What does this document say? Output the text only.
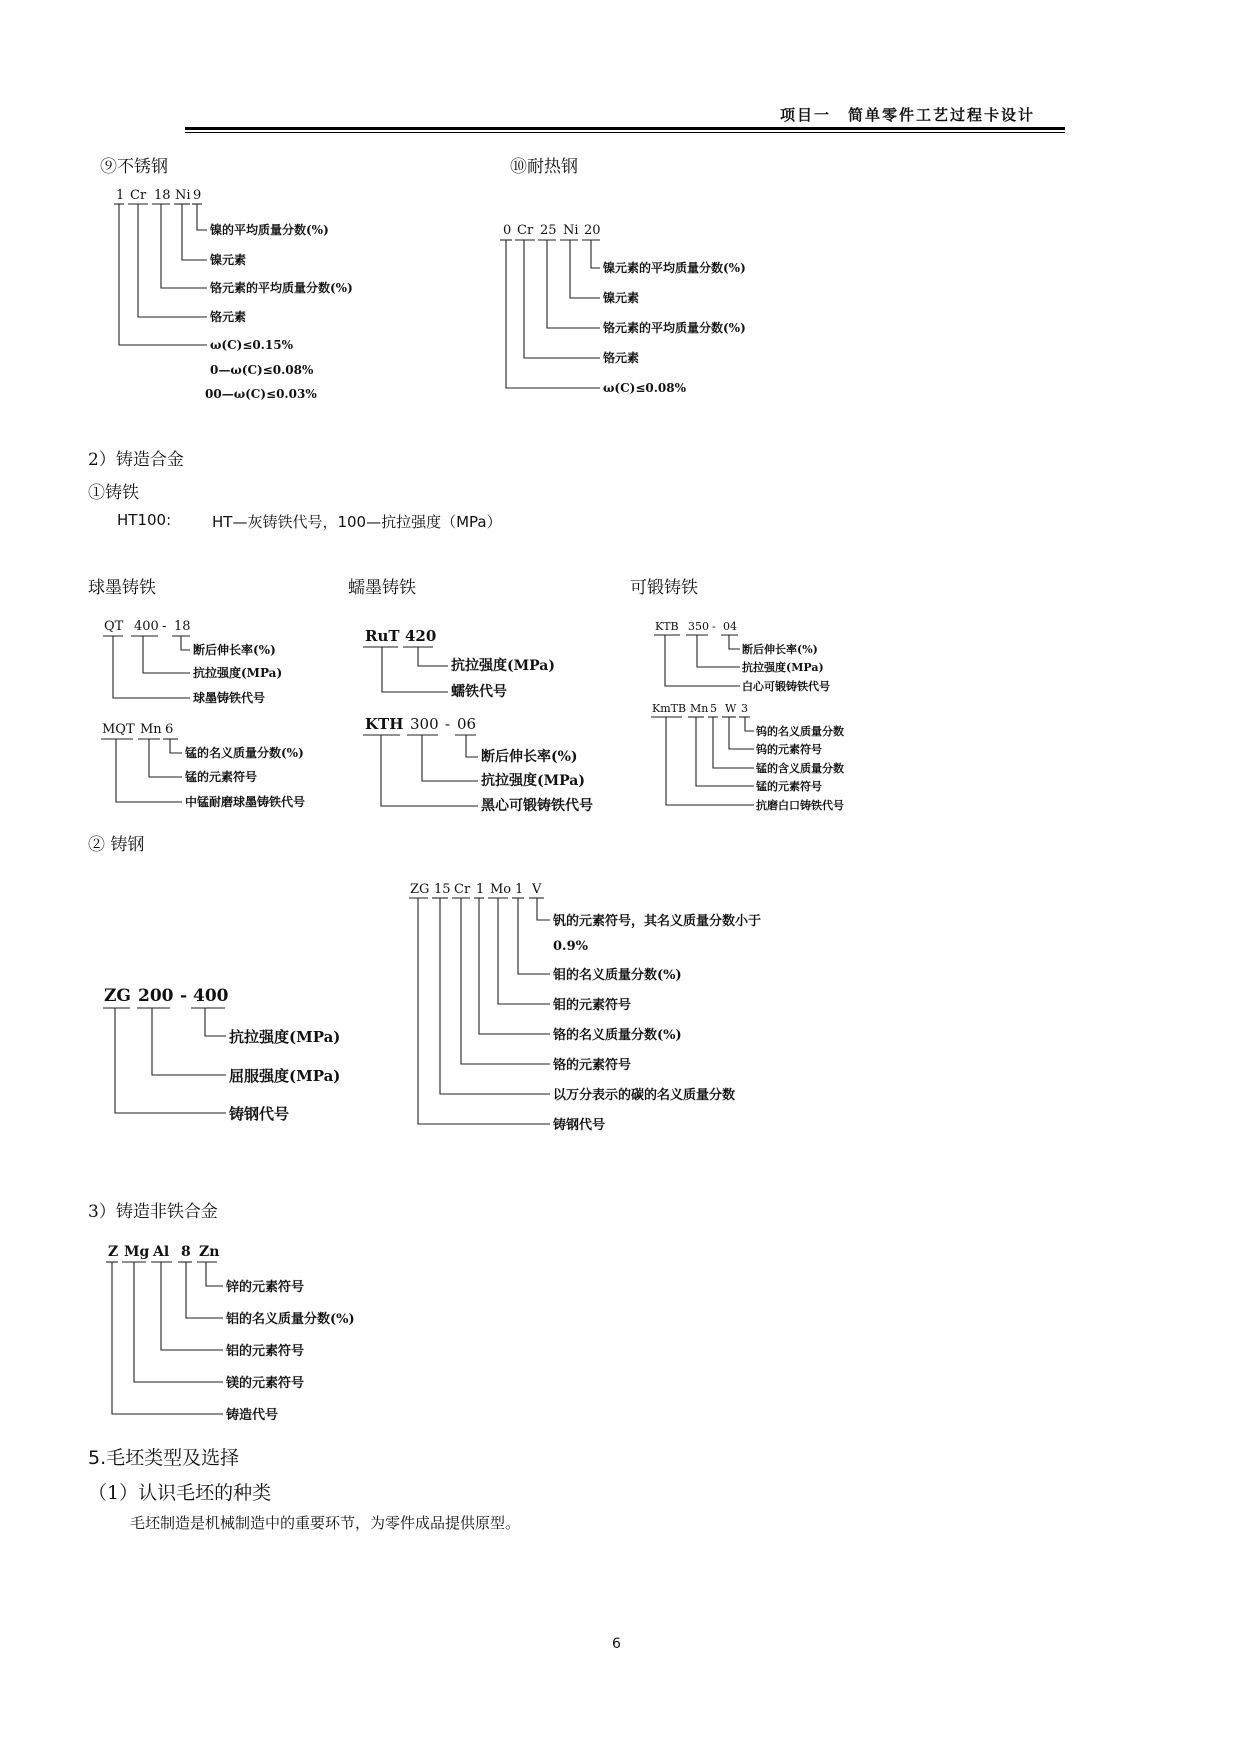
项目一　简单零件工艺过程卡设计
⑨不锈钢
1 Cr 18 Ni 9
镍的平均质量分数(%)
镍元素
铬元素的平均质量分数(%)
铬元素
ω(C)≤0.15%
0—ω(C)≤0.08%
00—ω(C)≤0.03%
⑩耐热钢
0 Cr 25 Ni 20
镍元素的平均质量分数(%)
镍元素
铬元素的平均质量分数(%)
铬元素
ω(C)≤0.08%
2）铸造合金
①铸铁
HT100:	HT—灰铸铁代号，100—抗拉强度（MPa）
球墨铸铁	蠕墨铸铁	可锻铸铁
QT 400 - 18
断后伸长率(%)
抗拉强度(MPa)
球墨铸铁代号
MQT Mn 6
锰的名义质量分数(%)
锰的元素符号
中锰耐磨球墨铸铁代号
RuT 420
抗拉强度(MPa)
蠕铁代号
KTH 300 - 06
断后伸长率(%)
抗拉强度(MPa)
黑心可锻铸铁代号
KTB 350 - 04
断后伸长率(%)
抗拉强度(MPa)
白心可锻铸铁代号
KmTB Mn 5 W 3
钨的名义质量分数
钨的元素符号
锰的含义质量分数
锰的元素符号
抗磨白口铸铁代号
② 铸钢
ZG 200 - 400
抗拉强度(MPa)
屈服强度(MPa)
铸钢代号
ZG 15 Cr 1 Mo 1 V
钒的元素符号，其名义质量分数小于
0.9%
钼的名义质量分数(%)
钼的元素符号
铬的名义质量分数(%)
铬的元素符号
以万分表示的碳的名义质量分数
铸钢代号
3）铸造非铁合金
Z Mg Al 8 Zn
锌的元素符号
铝的名义质量分数(%)
铝的元素符号
镁的元素符号
铸造代号
5.毛坯类型及选择
（1）认识毛坯的种类
毛坯制造是机械制造中的重要环节，为零件成品提供原型。
6
